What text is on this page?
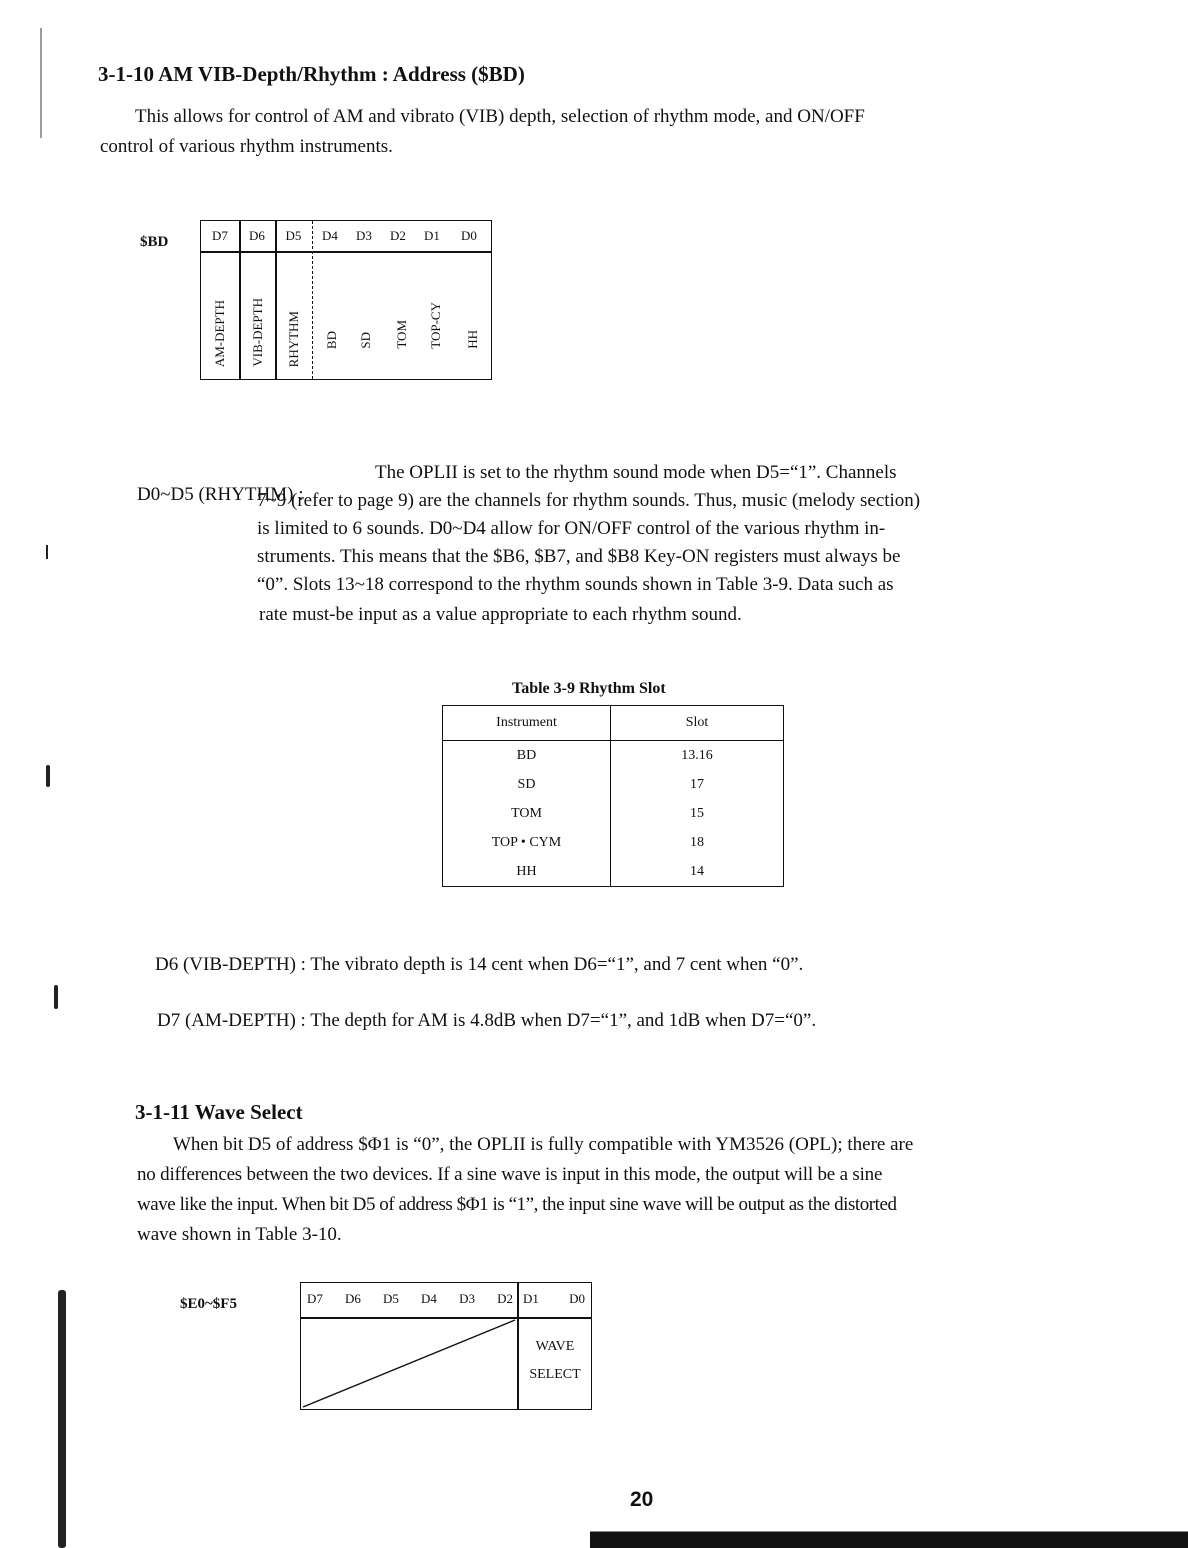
3-1-10 AM VIB-Depth/Rhythm : Address ($BD)
This allows for control of AM and vibrato (VIB) depth, selection of rhythm mode, and ON/OFF
control of various rhythm instruments.
$BD	D7	D6	D5	D4	D3	D2	D1	D0
AM-DEPTH VIB-DEPTH RHYTHM BD SD TOM TOP-CY HH
D0~D5 (RHYTHM) :
The OPLII is set to the rhythm sound mode when D5=“1”. Channels
7~9 (refer to page 9) are the channels for rhythm sounds. Thus, music (melody section)
is limited to 6 sounds. D0~D4 allow for ON/OFF control of the various rhythm in-
struments. This means that the $B6, $B7, and $B8 Key-ON registers must always be
“0”. Slots 13~18 correspond to the rhythm sounds shown in Table 3-9. Data such as
rate must-be input as a value appropriate to each rhythm sound.
Table 3-9 Rhythm Slot
Instrument	Slot
BD	13.16
SD	17
TOM	15
TOP • CYM	18
HH	14
D6 (VIB-DEPTH) : The vibrato depth is 14 cent when D6=“1”, and 7 cent when “0”.
D7 (AM-DEPTH) : The depth for AM is 4.8dB when D7=“1”, and 1dB when D7=“0”.
3-1-11 Wave Select
When bit D5 of address $Φ1 is “0”, the OPLII is fully compatible with YM3526 (OPL); there are
no differences between the two devices. If a sine wave is input in this mode, the output will be a sine
wave like the input. When bit D5 of address $Φ1 is “1”, the input sine wave will be output as the distorted
wave shown in Table 3-10.
$E0~$F5	D7 D6 D5 D4 D3 D2 D1 D0
WAVE
SELECT
20
